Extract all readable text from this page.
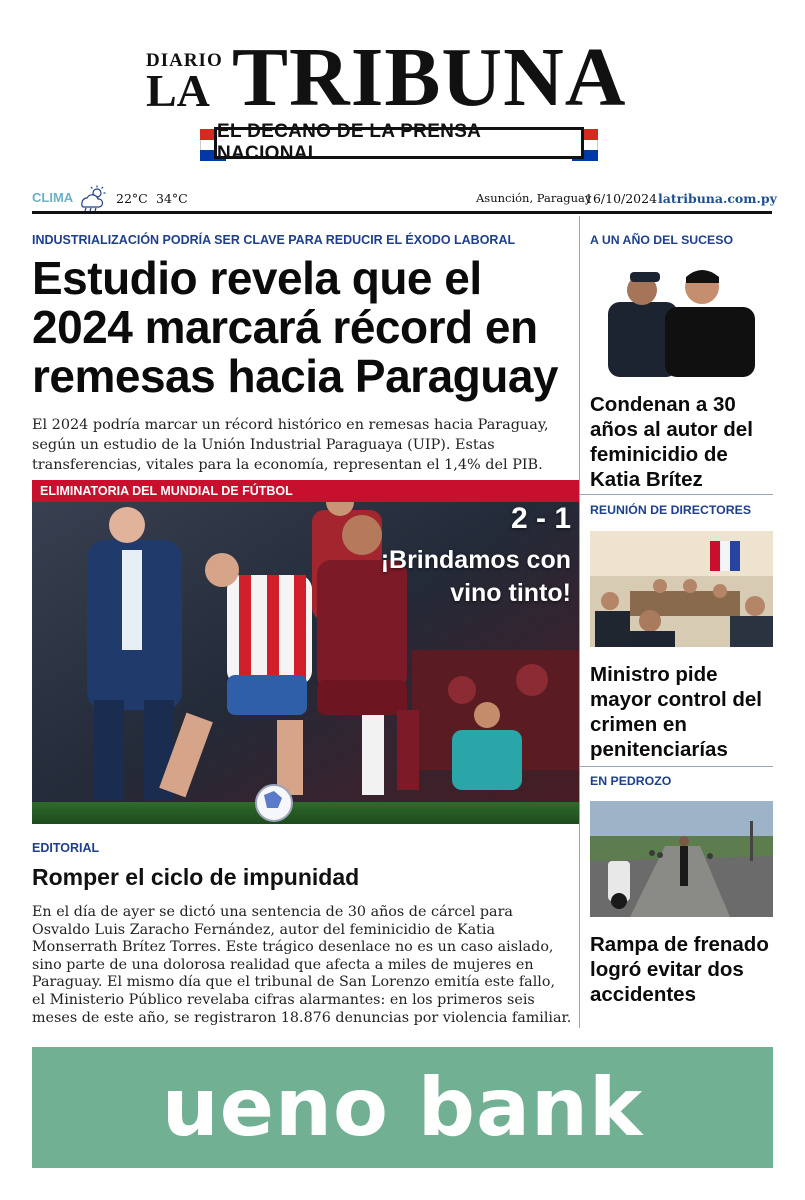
DIARIO
LA TRIBUNA
EL DECANO DE LA PRENSA NACIONAL
CLIMA	22°C 34°C	Asunción, Paraguay
16/10/2024 latribuna.com.py
INDUSTRIALIZACIÓN PODRÍA SER CLAVE PARA REDUCIR EL ÉXODO LABORAL
Estudio revela que el 2024 marcará récord en remesas hacia Paraguay
El 2024 podría marcar un récord histórico en remesas hacia Paraguay, según un estudio de la Unión Industrial Paraguaya (UIP). Estas transferencias, vitales para la economía, representan el 1,4% del PIB.
ELIMINATORIA DEL MUNDIAL DE FÚTBOL
2 - 1
¡Brindamos con vino tinto!
EDITORIAL
Romper el ciclo de impunidad
En el día de ayer se dictó una sentencia de 30 años de cárcel para Osvaldo Luis Zaracho Fernández, autor del feminicidio de Katia Monserrath Brítez Torres. Este trágico desenlace no es un caso aislado, sino parte de una dolorosa realidad que afecta a miles de mujeres en Paraguay. El mismo día que el tribunal de San Lorenzo emitía este fallo, el Ministerio Público revelaba cifras alarmantes: en los primeros seis meses de este año, se registraron 18.876 denuncias por violencia familiar.
A UN AÑO DEL SUCESO
Condenan a 30 años al autor del feminicidio de Katia Brítez
REUNIÓN DE DIRECTORES
Ministro pide mayor control del crimen en penitenciarías
EN PEDROZO
Rampa de frenado logró evitar dos accidentes
ueno bank
